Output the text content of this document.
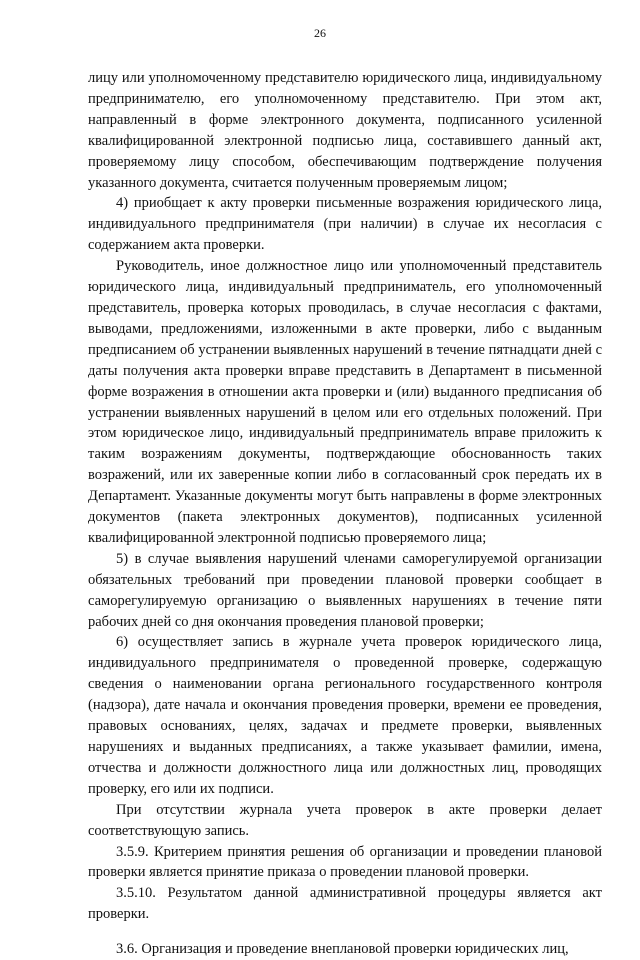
26

лицу или уполномоченному представителю юридического лица, индивидуальному предпринимателю, его уполномоченному представителю. При этом акт, направленный в форме электронного документа, подписанного усиленной квалифицированной электронной подписью лица, составившего данный акт, проверяемому лицу способом, обеспечивающим подтверждение получения указанного документа, считается полученным проверяемым лицом;

4) приобщает к акту проверки письменные возражения юридического лица, индивидуального предпринимателя (при наличии) в случае их несогласия с содержанием акта проверки.

Руководитель, иное должностное лицо или уполномоченный представитель юридического лица, индивидуальный предприниматель, его уполномоченный представитель, проверка которых проводилась, в случае несогласия с фактами, выводами, предложениями, изложенными в акте проверки, либо с выданным предписанием об устранении выявленных нарушений в течение пятнадцати дней с даты получения акта проверки вправе представить в Департамент в письменной форме возражения в отношении акта проверки и (или) выданного предписания об устранении выявленных нарушений в целом или его отдельных положений. При этом юридическое лицо, индивидуальный предприниматель вправе приложить к таким возражениям документы, подтверждающие обоснованность таких возражений, или их заверенные копии либо в согласованный срок передать их в Департамент. Указанные документы могут быть направлены в форме электронных документов (пакета электронных документов), подписанных усиленной квалифицированной электронной подписью проверяемого лица;

5) в случае выявления нарушений членами саморегулируемой организации обязательных требований при проведении плановой проверки сообщает в саморегулируемую организацию о выявленных нарушениях в течение пяти рабочих дней со дня окончания проведения плановой проверки;

6) осуществляет запись в журнале учета проверок юридического лица, индивидуального предпринимателя о проведенной проверке, содержащую сведения о наименовании органа регионального государственного контроля (надзора), дате начала и окончания проведения проверки, времени ее проведения, правовых основаниях, целях, задачах и предмете проверки, выявленных нарушениях и выданных предписаниях, а также указывает фамилии, имена, отчества и должности должностного лица или должностных лиц, проводящих проверку, его или их подписи.

При отсутствии журнала учета проверок в акте проверки делает соответствующую запись.

3.5.9. Критерием принятия решения об организации и проведении плановой проверки является принятие приказа о проведении плановой проверки.

3.5.10. Результатом данной административной процедуры является акт проверки.

3.6. Организация и проведение внеплановой проверки юридических лиц,
